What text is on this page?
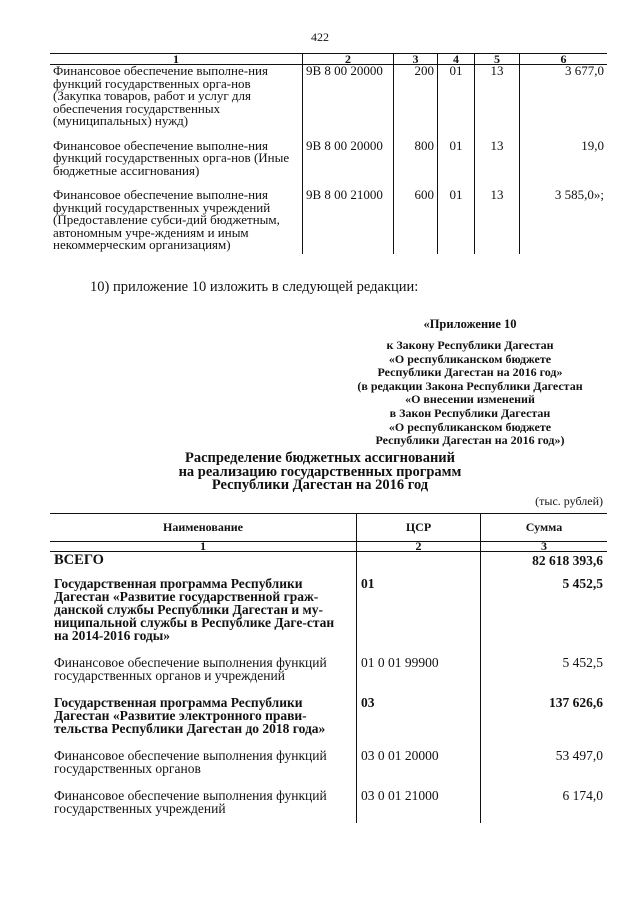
422
1	2	3	4	5	6
Финансовое обеспечение выполне-ния функций государственных орга-нов (Закупка товаров, работ и услуг для обеспечения государственных (муниципальных) нужд)	9В 8 00 20000	200	01	13	3 677,0
Финансовое обеспечение выполне-ния функций государственных орга-нов (Иные бюджетные ассигнования)	9В 8 00 20000	800	01	13	19,0
Финансовое обеспечение выполне-ния функций государственных учреждений (Предоставление субси-дий бюджетным, автономным учре-ждениям и иным некоммерческим организациям)	9В 8 00 21000	600	01	13	3 585,0»;
10) приложение 10 изложить в следующей редакции:
«Приложение 10
к Закону Республики Дагестан
«О республиканском бюджете
Республики Дагестан на 2016 год»
(в редакции Закона Республики Дагестан
«О внесении изменений
в Закон Республики Дагестан
«О республиканском бюджете
Республики Дагестан на 2016 год»)
Распределение бюджетных ассигнований
на реализацию государственных программ
Республики Дагестан на 2016 год
(тыс. рублей)
Наименование	ЦСР	Сумма
1	2	3
ВСЕГО		82 618 393,6
Государственная программа Республики Дагестан «Развитие государственной граж-данской службы Республики Дагестан и му-ниципальной службы в Республике Даге-стан на 2014-2016 годы»	01	5 452,5
Финансовое обеспечение выполнения функций государственных органов и учреждений	01 0 01 99900	5 452,5
Государственная программа Республики Дагестан «Развитие электронного прави-тельства Республики Дагестан до 2018 года»	03	137 626,6
Финансовое обеспечение выполнения функций государственных органов	03 0 01 20000	53 497,0
Финансовое обеспечение выполнения функций государственных учреждений	03 0 01 21000	6 174,0
